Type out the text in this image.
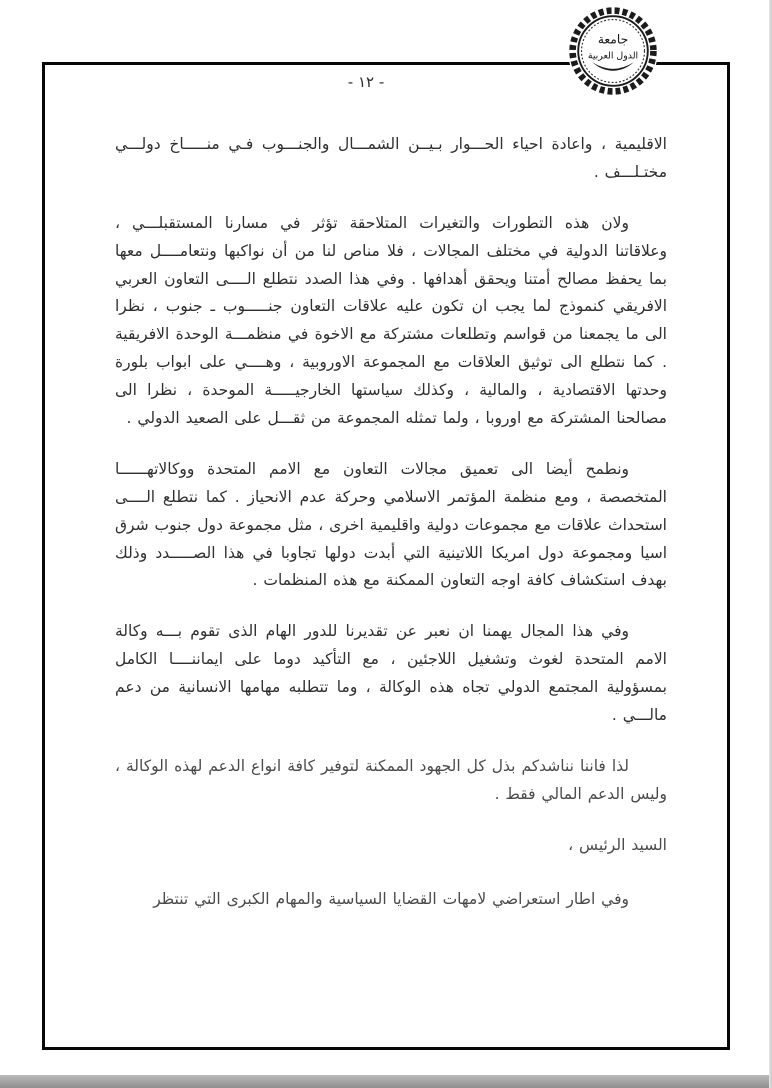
جامعة
الدول العربية
- ١٢ -

الاقليمية ، واعادة احياء الحـــوار بـيــن الشمـــال والجنـــوب فـي منـــــاخ دولـــي مختـلـــف .

ولان هذه التطورات والتغيرات المتلاحقة تؤثر في مسارنا المستقبلـــي ، وعلاقاتنا الدولية في مختلف المجالات ، فلا مناص لنا من أن نواكبها ونتعامــــل معها بما يحفظ مصالح أمتنا ويحقق أهدافها . وفي هذا الصدد نتطلع الــــى التعاون العربي الافريقي كنموذج لما يجب ان تكون عليه علاقات التعاون جنـــــوب ـ جنوب ، نظرا الى ما يجمعنا من قواسم وتطلعات مشتركة مع الاخوة في منظمـــة الوحدة الافريقية . كما نتطلع الى توثيق العلاقات مع المجموعة الاوروبية ، وهــــي على ابواب بلورة وحدتها الاقتصادية ، والمالية ، وكذلك سياستها الخارجيـــــة الموحدة ، نظرا الى مصالحنا المشتركة مع اوروبا ، ولما تمثله المجموعة من ثقـــل على الصعيد الدولي .

ونطمح أيضا الى تعميق مجالات التعاون مع الامم المتحدة ووكالاتهــــــا المتخصصة ، ومع منظمة المؤتمر الاسلامي وحركة عدم الانحياز . كما نتطلع الــــى استحداث علاقات مع مجموعات دولية واقليمية اخرى ، مثل مجموعة دول جنوب شرق اسيا ومجموعة دول امريكا اللاتينية التي أبدت دولها تجاوبا في هذا الصـــــدد وذلك بهدف استكشاف كافة اوجه التعاون الممكنة مع هذه المنظمات .

وفي هذا المجال يهمنا ان نعبر عن تقديرنا للدور الهام الذى تقوم بـــه وكالة الامم المتحدة لغوث وتشغيل اللاجئين ، مع التأكيد دوما على ايماننــــا الكامل بمسؤولية المجتمع الدولي تجاه هذه الوكالة ، وما تتطلبه مهامها الانسانية من دعم مالـــي .

لذا فاننا نناشدكم بذل كل الجهود الممكنة لتوفير كافة انواع الدعم لهذه الوكالة ، وليس الدعم المالي فقط .

السيد الرئيس ،

وفي اطار استعراضي لامهات القضايا السياسية والمهام الكبرى التي تنتظر
